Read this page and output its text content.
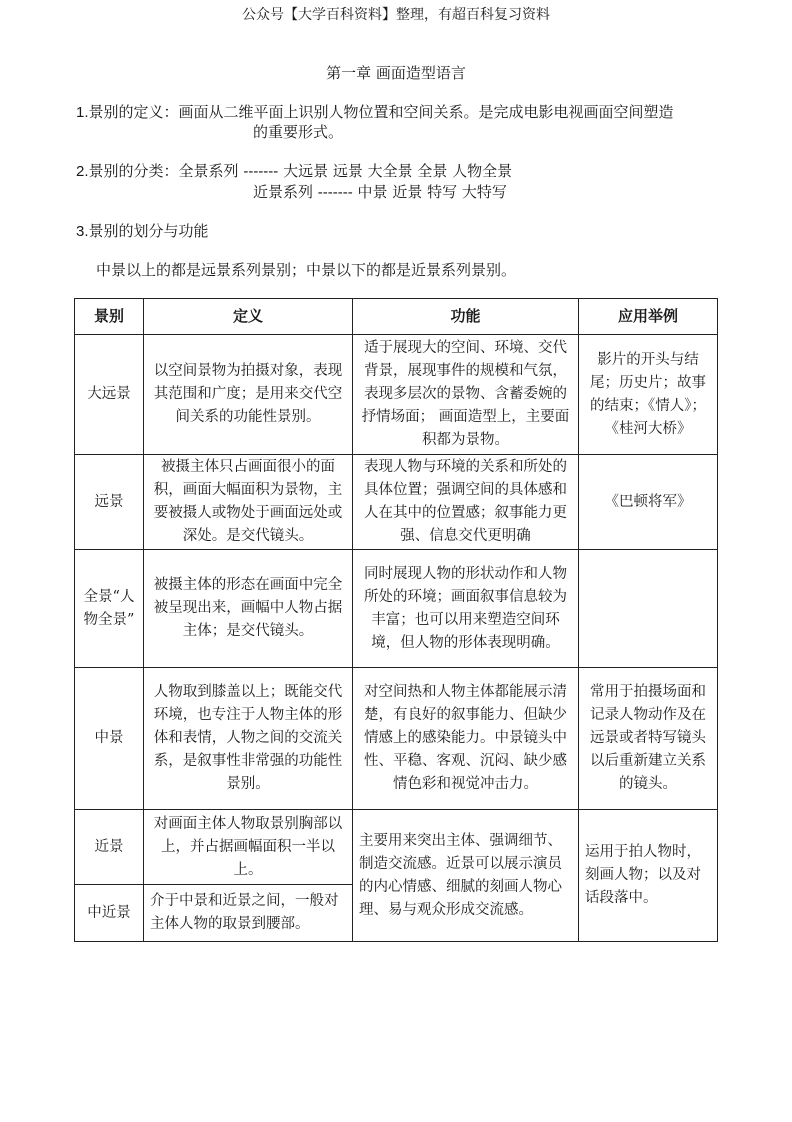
公众号【大学百科资料】整理，有超百科复习资料
第一章 画面造型语言
1.景别的定义：画面从二维平面上识别人物位置和空间关系。是完成电影电视画面空间塑造
的重要形式。
2.景别的分类：全景系列 ------- 大远景 远景 大全景 全景 人物全景
近景系列 ------- 中景 近景 特写 大特写
3.景别的划分与功能
中景以上的都是远景系列景别；中景以下的都是近景系列景别。
景别	定义	功能	应用举例
大远景	以空间景物为拍摄对象，表现其范围和广度；是用来交代空间关系的功能性景别。	适于展现大的空间、环境、交代背景，展现事件的规模和气氛，表现多层次的景物、含蓄委婉的抒情场面； 画面造型上，主要面积都为景物。	影片的开头与结尾；历史片；故事的结束；《情人》；《桂河大桥》
远景	被摄主体只占画面很小的面积，画面大幅面积为景物，主要被摄人或物处于画面远处或深处。是交代镜头。	表现人物与环境的关系和所处的具体位置；强调空间的具体感和人在其中的位置感；叙事能力更强、信息交代更明确	《巴顿将军》
全景“人物全景”	被摄主体的形态在画面中完全被呈现出来，画幅中人物占据主体；是交代镜头。	同时展现人物的形状动作和人物所处的环境；画面叙事信息较为丰富；也可以用来塑造空间环境，但人物的形体表现明确。	
中景	人物取到膝盖以上；既能交代环境，也专注于人物主体的形体和表情，人物之间的交流关系，是叙事性非常强的功能性景别。	对空间热和人物主体都能展示清楚，有良好的叙事能力、但缺少情感上的感染能力。中景镜头中性、平稳、客观、沉闷、缺少感情色彩和视觉冲击力。	常用于拍摄场面和记录人物动作及在远景或者特写镜头以后重新建立关系的镜头。
近景	对画面主体人物取景别胸部以上，并占据画幅面积一半以上。	主要用来突出主体、强调细节、制造交流感。近景可以展示演员的内心情感、细腻的刻画人物心理、易与观众形成交流感。	运用于拍人物时，刻画人物；以及对话段落中。
中近景	介于中景和近景之间，一般对主体人物的取景到腰部。		
